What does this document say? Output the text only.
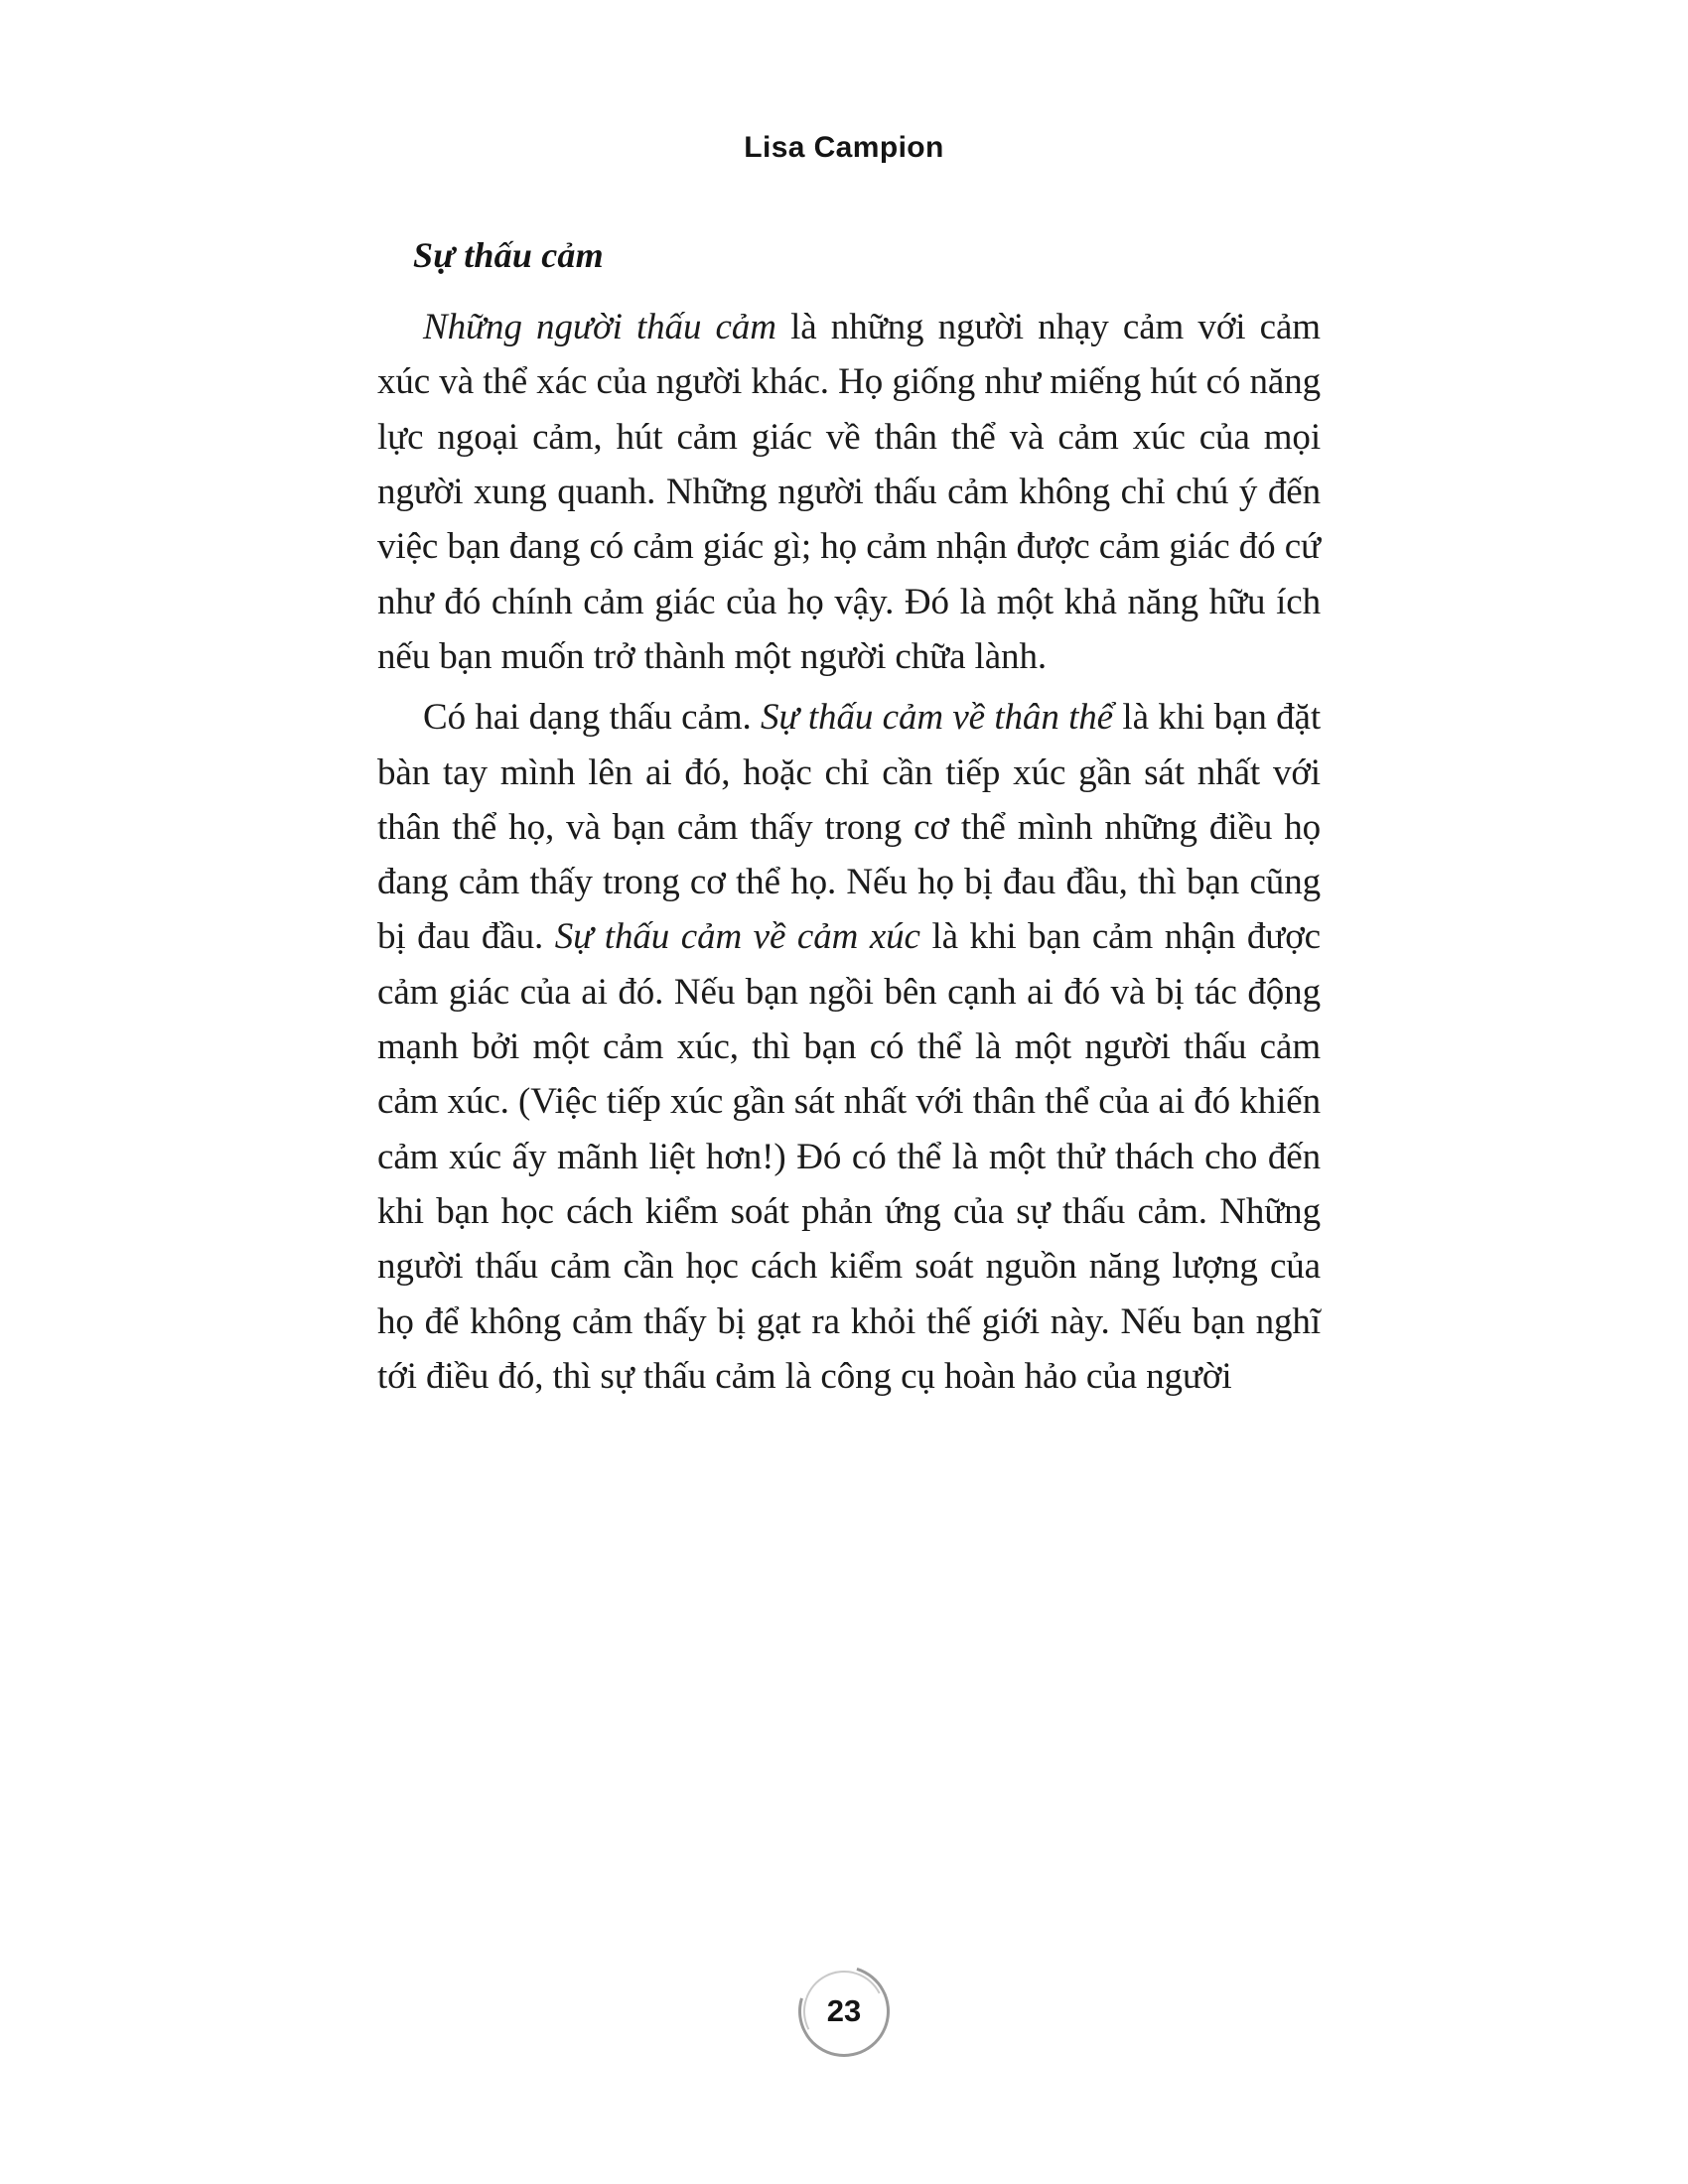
Lisa Campion
Sự thấu cảm

Những người thấu cảm là những người nhạy cảm với cảm xúc và thể xác của người khác. Họ giống như miếng hút có năng lực ngoại cảm, hút cảm giác về thân thể và cảm xúc của mọi người xung quanh. Những người thấu cảm không chỉ chú ý đến việc bạn đang có cảm giác gì; họ cảm nhận được cảm giác đó cứ như đó chính cảm giác của họ vậy. Đó là một khả năng hữu ích nếu bạn muốn trở thành một người chữa lành.

Có hai dạng thấu cảm. Sự thấu cảm về thân thể là khi bạn đặt bàn tay mình lên ai đó, hoặc chỉ cần tiếp xúc gần sát nhất với thân thể họ, và bạn cảm thấy trong cơ thể mình những điều họ đang cảm thấy trong cơ thể họ. Nếu họ bị đau đầu, thì bạn cũng bị đau đầu. Sự thấu cảm về cảm xúc là khi bạn cảm nhận được cảm giác của ai đó. Nếu bạn ngồi bên cạnh ai đó và bị tác động mạnh bởi một cảm xúc, thì bạn có thể là một người thấu cảm cảm xúc. (Việc tiếp xúc gần sát nhất với thân thể của ai đó khiến cảm xúc ấy mãnh liệt hơn!) Đó có thể là một thử thách cho đến khi bạn học cách kiểm soát phản ứng của sự thấu cảm. Những người thấu cảm cần học cách kiểm soát nguồn năng lượng của họ để không cảm thấy bị gạt ra khỏi thế giới này. Nếu bạn nghĩ tới điều đó, thì sự thấu cảm là công cụ hoàn hảo của người

23
